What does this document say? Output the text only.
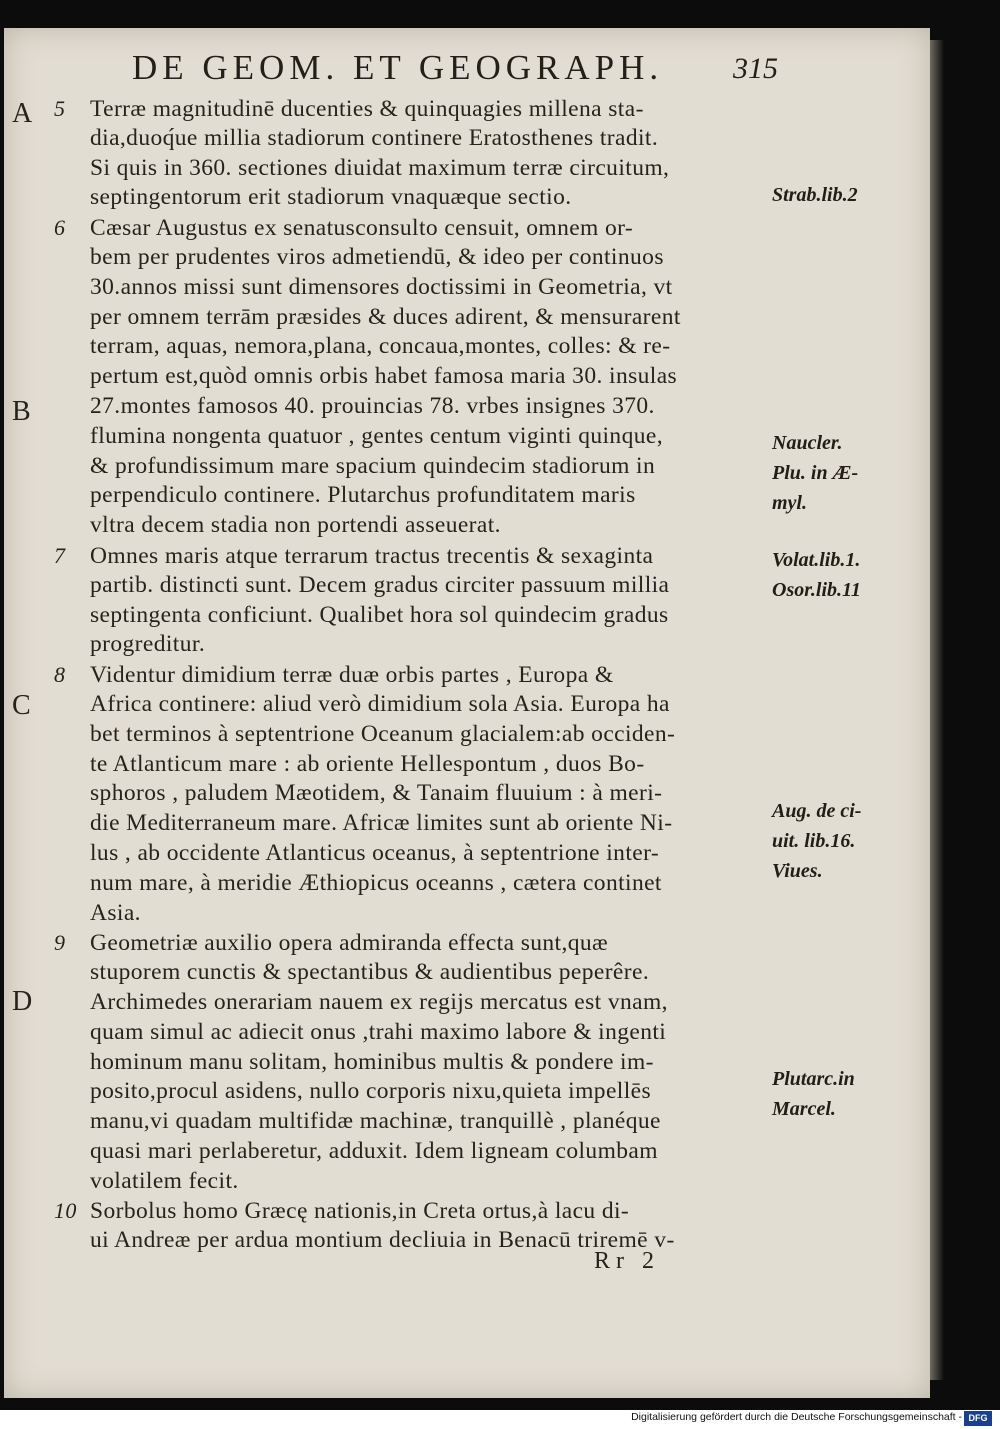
DE GEOM. ET GEOGRAPH.	315
A
B
C
D
5 Terræ magnitudinē ducenties & quinquagies millena sta-
dia,duoq́ue millia stadiorum continere Eratosthenes tradit.
Si quis in 360. sectiones diuidat maximum terræ circuitum,
septingentorum erit stadiorum vnaquæque sectio.
6 Cæsar Augustus ex senatusconsulto censuit, omnem or-
bem per prudentes viros admetiendū, & ideo per continuos
30.annos missi sunt dimensores doctissimi in Geometria, vt
per omnem terrām præsides & duces adirent, & mensurarent
terram, aquas, nemora,plana, concaua,montes, colles: & re-
pertum est,quòd omnis orbis habet famosa maria 30. insulas
27.montes famosos 40. prouincias 78. vrbes insignes 370.
flumina nongenta quatuor , gentes centum viginti quinque,
& profundissimum mare spacium quindecim stadiorum in
perpendiculo continere. Plutarchus profunditatem maris
vltra decem stadia non portendi asseuerat.
7 Omnes maris atque terrarum tractus trecentis & sexaginta
partib. distincti sunt. Decem gradus circiter passuum millia
septingenta conficiunt. Qualibet hora sol quindecim gradus
progreditur.
8 Videntur dimidium terræ duæ orbis partes , Europa &
Africa continere: aliud verò dimidium sola Asia. Europa ha
bet terminos à septentrione Oceanum glacialem:ab occiden-
te Atlanticum mare : ab oriente Hellespontum , duos Bo-
sphoros , paludem Mæotidem, & Tanaim fluuium : à meri-
die Mediterraneum mare. Africæ limites sunt ab oriente Ni-
lus , ab occidente Atlanticus oceanus, à septentrione inter-
num mare, à meridie Æthiopicus oceanns , cætera continet
Asia.
9 Geometriæ auxilio opera admiranda effecta sunt,quæ
stuporem cunctis & spectantibus & audientibus peperêre.
Archimedes onerariam nauem ex regijs mercatus est vnam,
quam simul ac adiecit onus ,trahi maximo labore & ingenti
hominum manu solitam, hominibus multis & pondere im-
posito,procul asidens, nullo corporis nixu,quieta impellēs
manu,vi quadam multifidæ machinæ, tranquillè , planéque
quasi mari perlaberetur, adduxit. Idem ligneam columbam
volatilem fecit.
10 Sorbolus homo Græcę nationis,in Creta ortus,à lacu di-
ui Andreæ per ardua montium decliuia in Benacū triremē v-
Strab.lib.2
Naucler.
Plu. in Æ-
myl.
Volat.lib.1.
Osor.lib.11
Aug. de ci-
uit. lib.16.
Viues.
Plutarc.in
Marcel.
Rr 2
Digitalisierung gefördert durch die Deutsche Forschungsgemeinschaft - DFG
